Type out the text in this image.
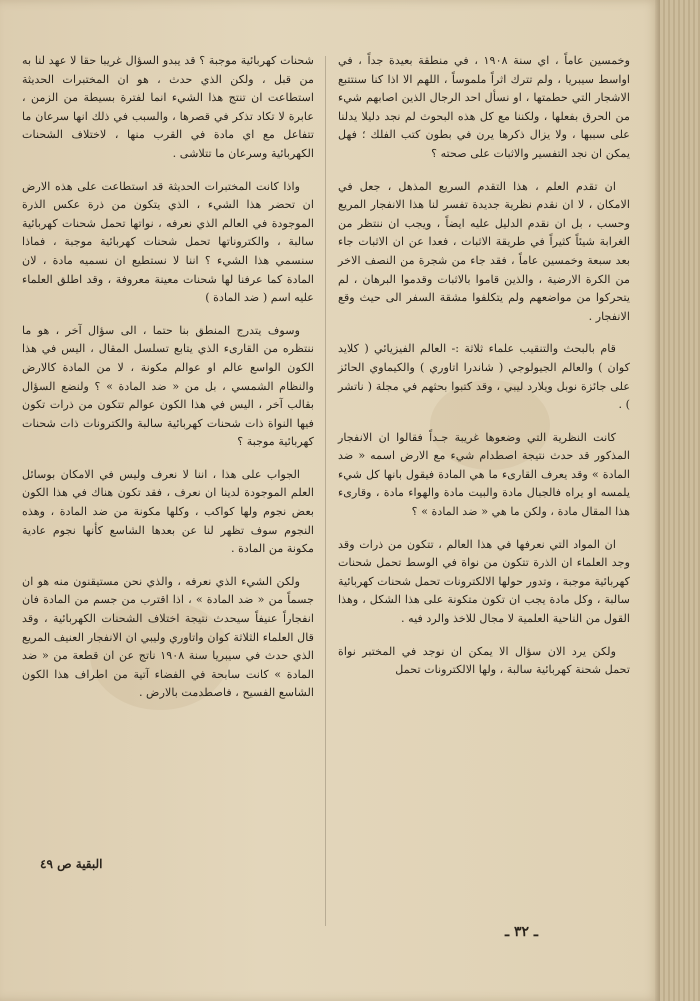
وخمسين عاماً ، اي سنة ١٩٠٨ ، في منطقة بعيدة جداً ، في اواسط سيبريا ، ولم تترك اثراً ملموساً ، اللهم الا اذا كنا سنتتبع الاشجار التي حطمتها ، او نسأل احد الرجال الذين اصابهم شيء من الحرق بفعلها ، ولكننا مع كل هذه البحوث لم نجد دليلا يدلنا على سببها ، ولا يزال ذكرها يرن في بطون كتب الفلك ؛ فهل يمكن ان نجد التفسير والاثبات على صحته ؟

ان تقدم العلم ، هذا التقدم السريع المذهل ، جعل في الامكان ، لا ان نقدم نظرية جديدة تفسر لنا هذا الانفجار المريع وحسب ، بل ان نقدم الدليل عليه ايضاً ، ويجب ان ننتظر من الغرابة شيئاً كثيراً في طريقة الاثبات ، فعدا عن ان الاثبات جاء بعد سبعة وخمسين عاماً ، فقد جاء من شجرة من النصف الاخر من الكرة الارضية ، والذين قاموا بالاثبات وقدموا البرهان ، لم يتحركوا من مواضعهم ولم يتكلفوا مشقة السفر الى حيث وقع الانفجار .

قام بالبحث والتنقيب علماء ثلاثة :- العالم الفيزيائي ( كلايد كوان ) والعالم الجيولوجي ( شاندرا اتاوري ) والكيماوي الحائز على جائزة نوبل ويلارد ليبي ، وقد كتبوا بحثهم في مجلة ( ناتشر ) .

كانت النظرية التي وضعوها غريبة جـداً فقالوا ان الانفجار المذكور قد حدث نتيجة اصطدام شيء مع الارض اسمه « ضد المادة » وقد يعرف القارىء ما هي المادة فيقول بانها كل شيء يلمسه او يراه فالجبال مادة والبيت مادة والهواء مادة ، وقارىء هذا المقال مادة ، ولكن ما هي « ضد المادة » ؟

ان المواد التي نعرفها في هذا العالم ، تتكون من ذرات وقد وجد العلماء ان الذرة تتكون من نواة في الوسط تحمل شحنات كهربائية موجبة ، وتدور حولها الالكترونات تحمل شحنات كهربائية سالبة ، وكل مادة يجب ان تكون متكونة على هذا الشكل ، وهذا القول من الناحية العلمية لا مجال للاخذ والرد فيه .

ولكن يرد الان سؤال الا يمكن ان نوجد في المختبر نواة تحمل شحنة كهربائية سالبة ، ولها الالكترونات تحمل

شحنات كهربائية موجبة ؟ قد يبدو السؤال غريبا حقا لا عهد لنا به من قبل ، ولكن الذي حدث ، هو ان المختبرات الحديثة استطاعت ان تنتج هذا الشيء انما لفترة بسيطة من الزمن ، عابرة لا تكاد تذكر في قصرها ، والسبب في ذلك انها سرعان ما تتفاعل مع اي مادة في القرب منها ، لاختلاف الشحنات الكهربائية وسرعان ما تتلاشى .

واذا كانت المختبرات الحديثة قد استطاعت على هذه الارض ان تحضر هذا الشيء ، الذي يتكون من ذرة عكس الذرة الموجودة في العالم الذي نعرفه ، نواتها تحمل شحنات كهربائية سالبة ، والكتروناتها تحمل شحنات كهربائية موجبة ، فماذا سنسمي هذا الشيء ؟ اننا لا نستطيع ان نسميه مادة ، لان المادة كما عرفنا لها شحنات معينة معروفة ، وقد اطلق العلماء عليه اسم ( ضد المادة )

وسوف يتدرج المنطق بنا حتما ، الى سؤال آخر ، هو ما ننتظره من القارىء الذي يتابع تسلسل المقال ، اليس في هذا الكون الواسع عالم او عوالم مكونة ، لا من المادة كالارض والنظام الشمسي ، بل من « ضد المادة » ؟ ولنضع السؤال بقالب آخر ، اليس في هذا الكون عوالم تتكون من ذرات تكون فيها النواة ذات شحنات كهربائية سالبة والكترونات ذات شحنات كهربائية موجبة ؟

الجواب على هذا ، اننا لا نعرف وليس في الامكان بوسائل العلم الموجودة لدينا ان نعرف ، فقد تكون هناك في هذا الكون بعض نجوم ولها كواكب ، وكلها مكونة من ضد المادة ، وهذه النجوم سوف تظهر لنا عن بعدها الشاسع كأنها نجوم عادية مكونة من المادة .

ولكن الشيء الذي نعرفه ، والذي نحن مستيقنون منه هو ان جسماً من « ضد المادة » ، اذا اقترب من جسم من المادة فان انفجاراً عنيفاً سيحدث نتيجة اختلاف الشحنات الكهربائية ، وقد قال العلماء الثلاثة كوان واتاوري وليبي ان الانفجار العنيف المريع الذي حدث في سيبريا سنة ١٩٠٨ ناتج عن ان قطعة من « ضد المادة » كانت سابحة في الفضاء آتية من اطراف هذا الكون الشاسع الفسيح ، فاصطدمت بالارض .

البقية ص ٤٩
ـ ٣٢ ـ
